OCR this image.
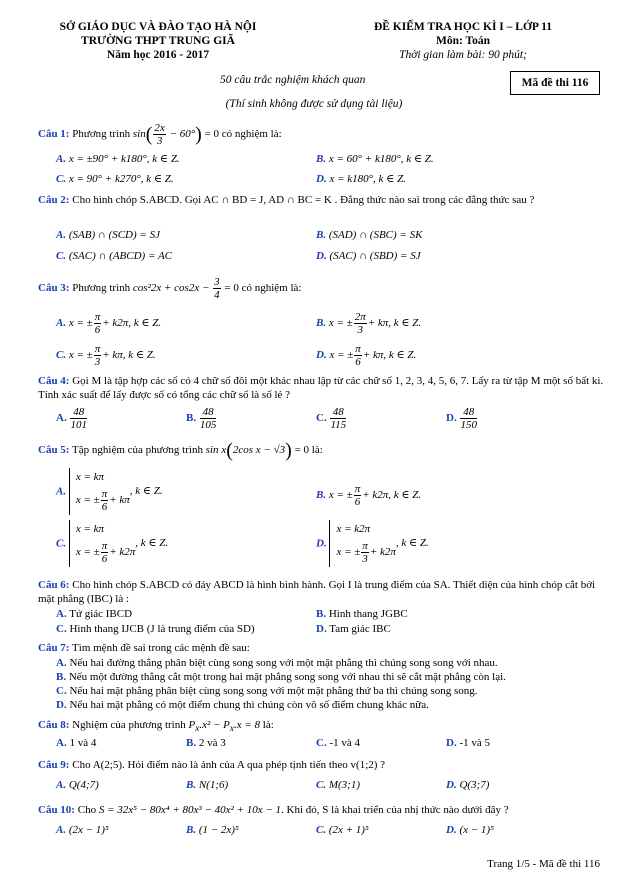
SỞ GIÁO DỤC VÀ ĐÀO TẠO HÀ NỘI
TRƯỜNG THPT TRUNG GIÃ
Năm học 2016 - 2017
ĐỀ KIỂM TRA HỌC KÌ I – LỚP 11
Môn: Toán
Thời gian làm bài: 90 phút;
50 câu trắc nghiệm khách quan	Mã đề thi 116
(Thí sinh không được sử dụng tài liệu)
Câu 1: Phương trình $\sin( \frac{2x}{3} - 60^\circ) = 0$ có nghiệm là:
A. x = ±90° + k180°, k ∈ Z.	B. x = 60° + k180°, k ∈ Z.
C. x = 90° + k270°, k ∈ Z.	D. x = k180°, k ∈ Z.
Câu 2: Cho hình chóp S.ABCD. Gọi AC ∩ BD = J, AD ∩ BC = K . Đẳng thức nào sai trong các đẳng thức sau ?
A. (SAB) ∩ (SCD) = SJ	B. (SAD) ∩ (SBC) = SK
C. (SAC) ∩ (ABCD) = AC	D. (SAC) ∩ (SBD) = SJ
Câu 3: Phương trình $\cos^22x + \cos 2x - \frac{3}{4} = 0$ có nghiệm là:
A. x = ± $\frac{\pi}{6} + k2\pi$, k ∈ Z.	B. x = ± $\frac{2\pi}{3} + k\pi$, k ∈ Z.
C. x = ± $\frac{\pi}{3} + k\pi$, k ∈ Z.	D. x = ± $\frac{\pi}{6} + k\pi$, k ∈ Z.
Câu 4: Gọi M là tập hợp các số có 4 chữ số đôi một khác nhau lập từ các chữ số 1, 2, 3, 4, 5, 6, 7. Lấy ra từ tập M một số bất kì. Tính xác suất để lấy được số có tổng các chữ số là số lẻ ?
A. $\frac{48}{101}$	B. $\frac{48}{105}$	C. $\frac{48}{115}$	D. $\frac{48}{150}$
Câu 5: Tập nghiệm của phương trình sin x(2cos x − √3) = 0 là:
A.
x = kπ
x = ± $\frac{\pi}{6} + k\pi$
, k ∈ Z.	B. x = ± $\frac{\pi}{6} + k2\pi$, k ∈ Z.
C.
x = kπ
x = ± $\frac{\pi}{6} + k2\pi$
, k ∈ Z.	D.
x = k2π
x = ± $\frac{\pi}{3} + k2\pi$
, k ∈ Z.
Câu 6: Cho hình chóp S.ABCD có đáy ABCD là hình bình hành. Gọi I là trung điểm của SA. Thiết diện của hình chóp cắt bởi mặt phẳng (IBC) là :
A. Tứ giác IBCD	B. Hình thang JGBC
C. Hình thang IJCB (J là trung điểm của SD)	D. Tam giác IBC
Câu 7: Tìm mệnh đề sai trong các mệnh đề sau:
A. Nếu hai đường thẳng phân biệt cùng song song với một mặt phẳng thì chúng song song với nhau.
B. Nếu một đường thẳng cắt một trong hai mặt phẳng song song với nhau thì sẽ cắt mặt phẳng còn lại.
C. Nếu hai mặt phẳng phân biệt cùng song song với một mặt phẳng thứ ba thì chúng song song.
D. Nếu hai mặt phẳng có một điểm chung thì chúng còn vô số điểm chung khác nữa.
Câu 8: Nghiệm của phương trình $P_x.x^2 - P_x.x = 8$ là:
A. 1 và 4	B. 2 và 3	C. -1 và 4	D. -1 và 5
Câu 9: Cho A(2;5). Hỏi điểm nào là ảnh của A qua phép tịnh tiến theo v(1;2) ?
A. Q(4;7)	B. N(1;6)	C. M(3;1)	D. Q(3;7)
Câu 10: Cho S = 32x⁵ − 80x⁴ + 80x³ − 40x² + 10x − 1. Khi đó, S là khai triển của nhị thức nào dưới đây ?
A. (2x − 1)⁵	B. (1 − 2x)⁵	C. (2x + 1)⁵	D. (x − 1)⁵
Trang 1/5 - Mã đề thi 116
